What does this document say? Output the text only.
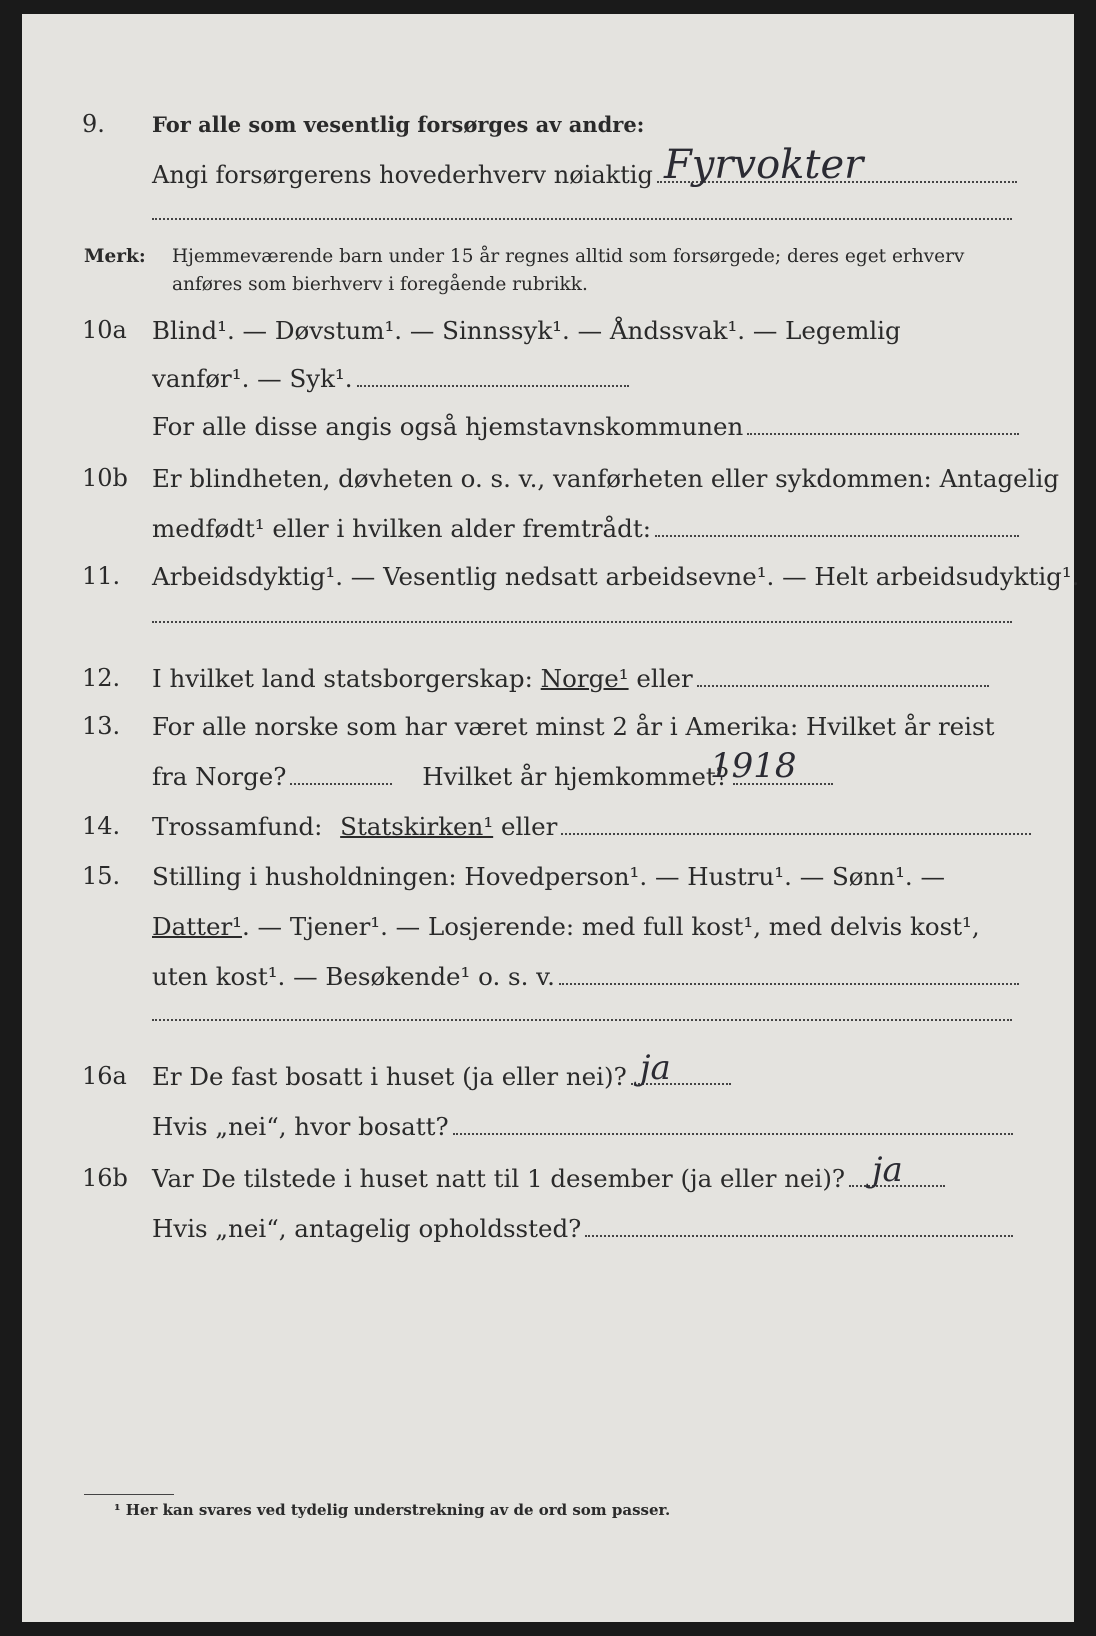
9. For alle som vesentlig forsørges av andre:
Angi forsørgerens hovederhverv nøiaktig Fyrvokter
Merk: Hjemmeværende barn under 15 år regnes alltid som forsørgede; deres eget erhverv
anføres som bierhverv i foregående rubrikk.
10a Blind¹. — Døvstum¹. — Sinnssyk¹. — Åndssvak¹. — Legemlig
vanfør¹. — Syk¹.
For alle disse angis også hjemstavnskommunen
10b Er blindheten, døvheten o. s. v., vanførheten eller sykdommen: Antagelig
medfødt¹ eller i hvilken alder fremtrådt:
11. Arbeidsdyktig¹. — Vesentlig nedsatt arbeidsevne¹. — Helt arbeidsudyktig¹.
12. I hvilket land statsborgerskap: Norge¹ eller
13. For alle norske som har været minst 2 år i Amerika: Hvilket år reist
fra Norge?	Hvilket år hjemkommet?
1918
14. Trossamfund: Statskirken¹ eller
15. Stilling i husholdningen: Hovedperson¹. — Hustru¹. — Sønn¹. —
Datter¹. — Tjener¹. — Losjerende: med full kost¹, med delvis kost¹,
uten kost¹. — Besøkende¹ o. s. v.
16a Er De fast bosatt i huset (ja eller nei)? ja
Hvis „nei“, hvor bosatt?
16b Var De tilstede i huset natt til 1 desember (ja eller nei)? ja
Hvis „nei“, antagelig opholdssted?
¹ Her kan svares ved tydelig understrekning av de ord som passer.
